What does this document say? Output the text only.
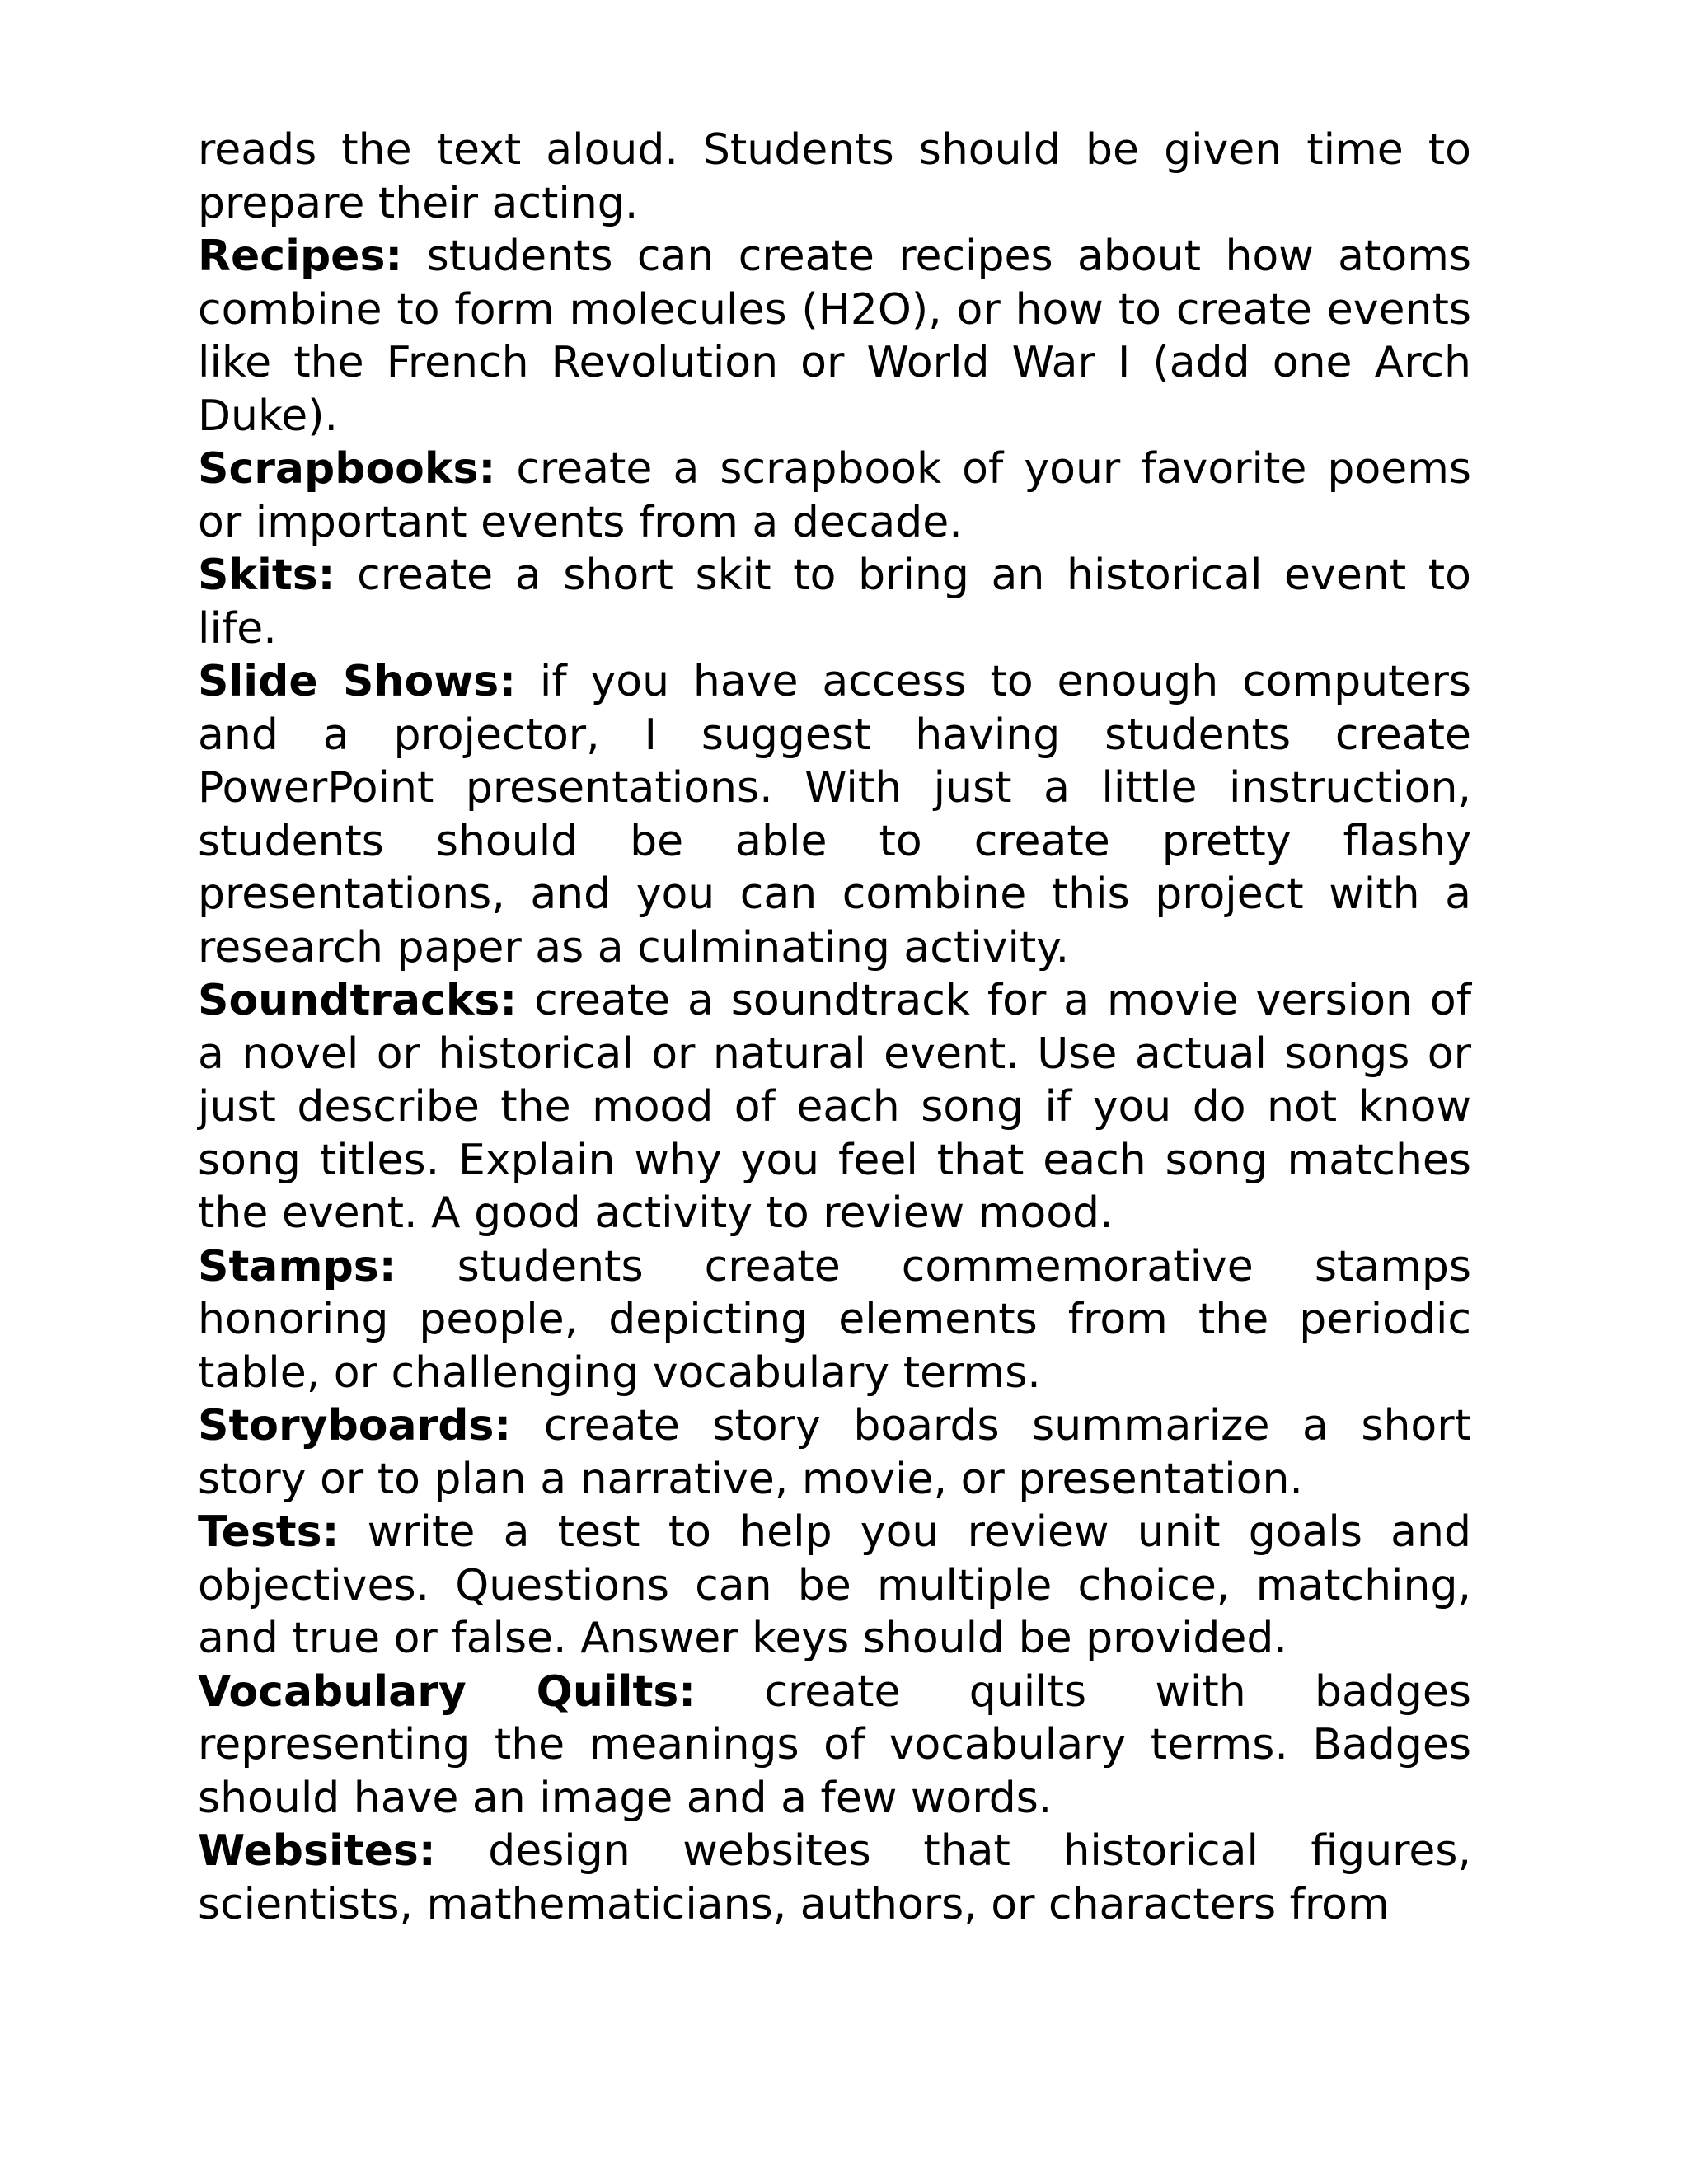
reads the text aloud. Students should be given time to prepare their acting.

Recipes: students can create recipes about how atoms combine to form molecules (H2O), or how to create events like the French Revolution or World War I (add one Arch Duke).

Scrapbooks: create a scrapbook of your favorite poems or important events from a decade.

Skits: create a short skit to bring an historical event to life.

Slide Shows: if you have access to enough computers and a projector, I suggest having students create PowerPoint presentations. With just a little instruction, students should be able to create pretty flashy presentations, and you can combine this project with a research paper as a culminating activity.

Soundtracks: create a soundtrack for a movie version of a novel or historical or natural event. Use actual songs or just describe the mood of each song if you do not know song titles. Explain why you feel that each song matches the event. A good activity to review mood.

Stamps: students create commemorative stamps honoring people, depicting elements from the periodic table, or challenging vocabulary terms.

Storyboards: create story boards summarize a short story or to plan a narrative, movie, or presentation.

Tests: write a test to help you review unit goals and objectives. Questions can be multiple choice, matching, and true or false. Answer keys should be provided.

Vocabulary Quilts: create quilts with badges representing the meanings of vocabulary terms. Badges should have an image and a few words.

Websites: design websites that historical figures, scientists, mathematicians, authors, or characters from
